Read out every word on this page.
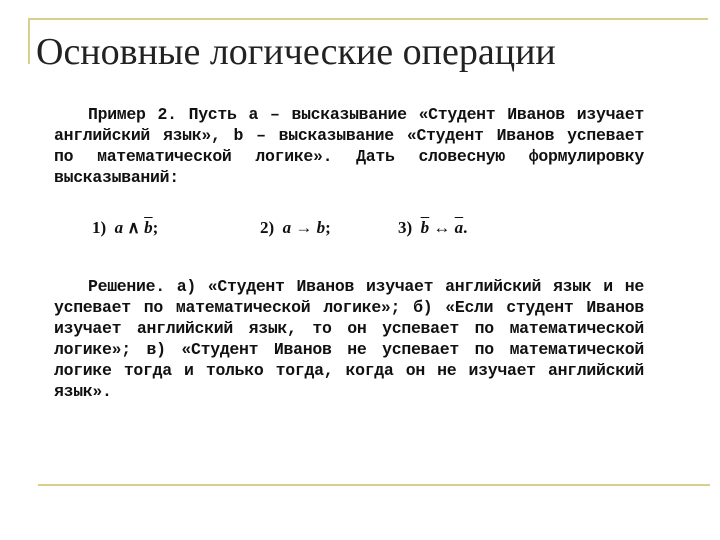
Основные логические операции

Пример 2. Пусть a – высказывание «Студент Иванов изучает английский язык», b – высказывание «Студент Иванов успевает по математической логике». Дать словесную формулировку высказываний:

1) a ∧ $\overline{b}$;	2) a → b;	3) $\overline{b}$ ↔ $\overline{a}$.

Решение. а) «Студент Иванов изучает английский язык и не успевает по математической логике»; б) «Если студент Иванов изучает английский язык, то он успевает по математической логике»; в) «Студент Иванов не успевает по математической логике тогда и только тогда, когда он не изучает английский язык».
